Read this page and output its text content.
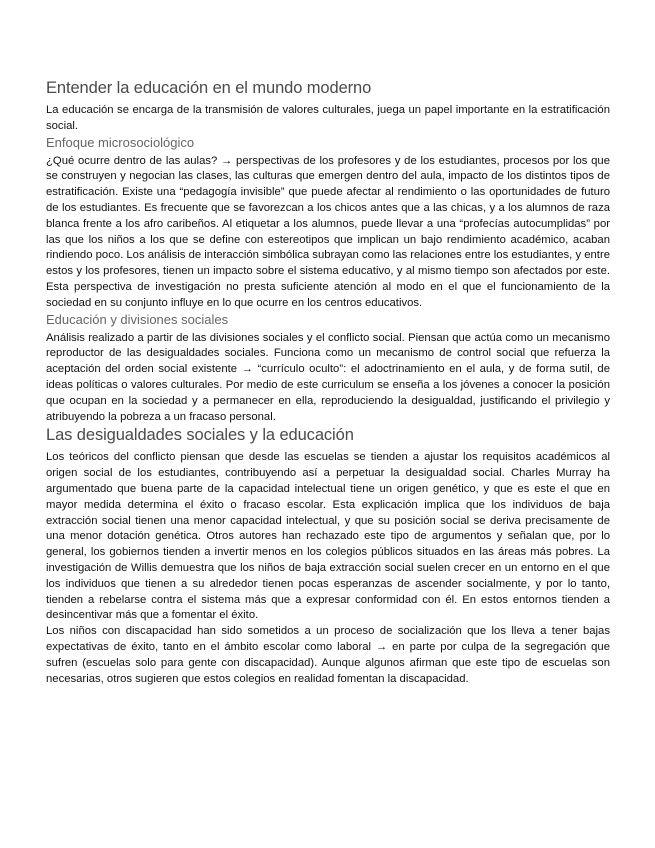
Entender la educación en el mundo moderno

La educación se encarga de la transmisión de valores culturales, juega un papel importante en la estratificación social.

Enfoque microsociológico

¿Qué ocurre dentro de las aulas? → perspectivas de los profesores y de los estudiantes, procesos por los que se construyen y negocian las clases, las culturas que emergen dentro del aula, impacto de los distintos tipos de estratificación. Existe una “pedagogía invisible” que puede afectar al rendimiento o las oportunidades de futuro de los estudiantes. Es frecuente que se favorezcan a los chicos antes que a las chicas, y a los alumnos de raza blanca frente a los afro caribeños. Al etiquetar a los alumnos, puede llevar a una “profecías autocumplidas” por las que los niños a los que se define con estereotipos que implican un bajo rendimiento académico, acaban rindiendo poco. Los análisis de interacción simbólica subrayan como las relaciones entre los estudiantes, y entre estos y los profesores, tienen un impacto sobre el sistema educativo, y al mismo tiempo son afectados por este. Esta perspectiva de investigación no presta suficiente atención al modo en el que el funcionamiento de la sociedad en su conjunto influye en lo que ocurre en los centros educativos.

Educación y divisiones sociales

Análisis realizado a partir de las divisiones sociales y el conflicto social. Piensan que actúa como un mecanismo reproductor de las desigualdades sociales. Funciona como un mecanismo de control social que refuerza la aceptación del orden social existente → “currículo oculto”: el adoctrinamiento en el aula, y de forma sutil, de ideas políticas o valores culturales. Por medio de este curriculum se enseña a los jóvenes a conocer la posición que ocupan en la sociedad y a permanecer en ella, reproduciendo la desigualdad, justificando el privilegio y atribuyendo la pobreza a un fracaso personal.

Las desigualdades sociales y la educación

Los teóricos del conflicto piensan que desde las escuelas se tienden a ajustar los requisitos académicos al origen social de los estudiantes, contribuyendo así a perpetuar la desigualdad social. Charles Murray ha argumentado que buena parte de la capacidad intelectual tiene un origen genético, y que es este el que en mayor medida determina el éxito o fracaso escolar. Esta explicación implica que los individuos de baja extracción social tienen una menor capacidad intelectual, y que su posición social se deriva precisamente de una menor dotación genética. Otros autores han rechazado este tipo de argumentos y señalan que, por lo general, los gobiernos tienden a invertir menos en los colegios públicos situados en las áreas más pobres. La investigación de Willis demuestra que los niños de baja extracción social suelen crecer en un entorno en el que los individuos que tienen a su alrededor tienen pocas esperanzas de ascender socialmente, y por lo tanto, tienden a rebelarse contra el sistema más que a expresar conformidad con él. En estos entornos tienden a desincentivar más que a fomentar el éxito.

Los niños con discapacidad han sido sometidos a un proceso de socialización que los lleva a tener bajas expectativas de éxito, tanto en el ámbito escolar como laboral → en parte por culpa de la segregación que sufren (escuelas solo para gente con discapacidad). Aunque algunos afirman que este tipo de escuelas son necesarias, otros sugieren que estos colegios en realidad fomentan la discapacidad.
